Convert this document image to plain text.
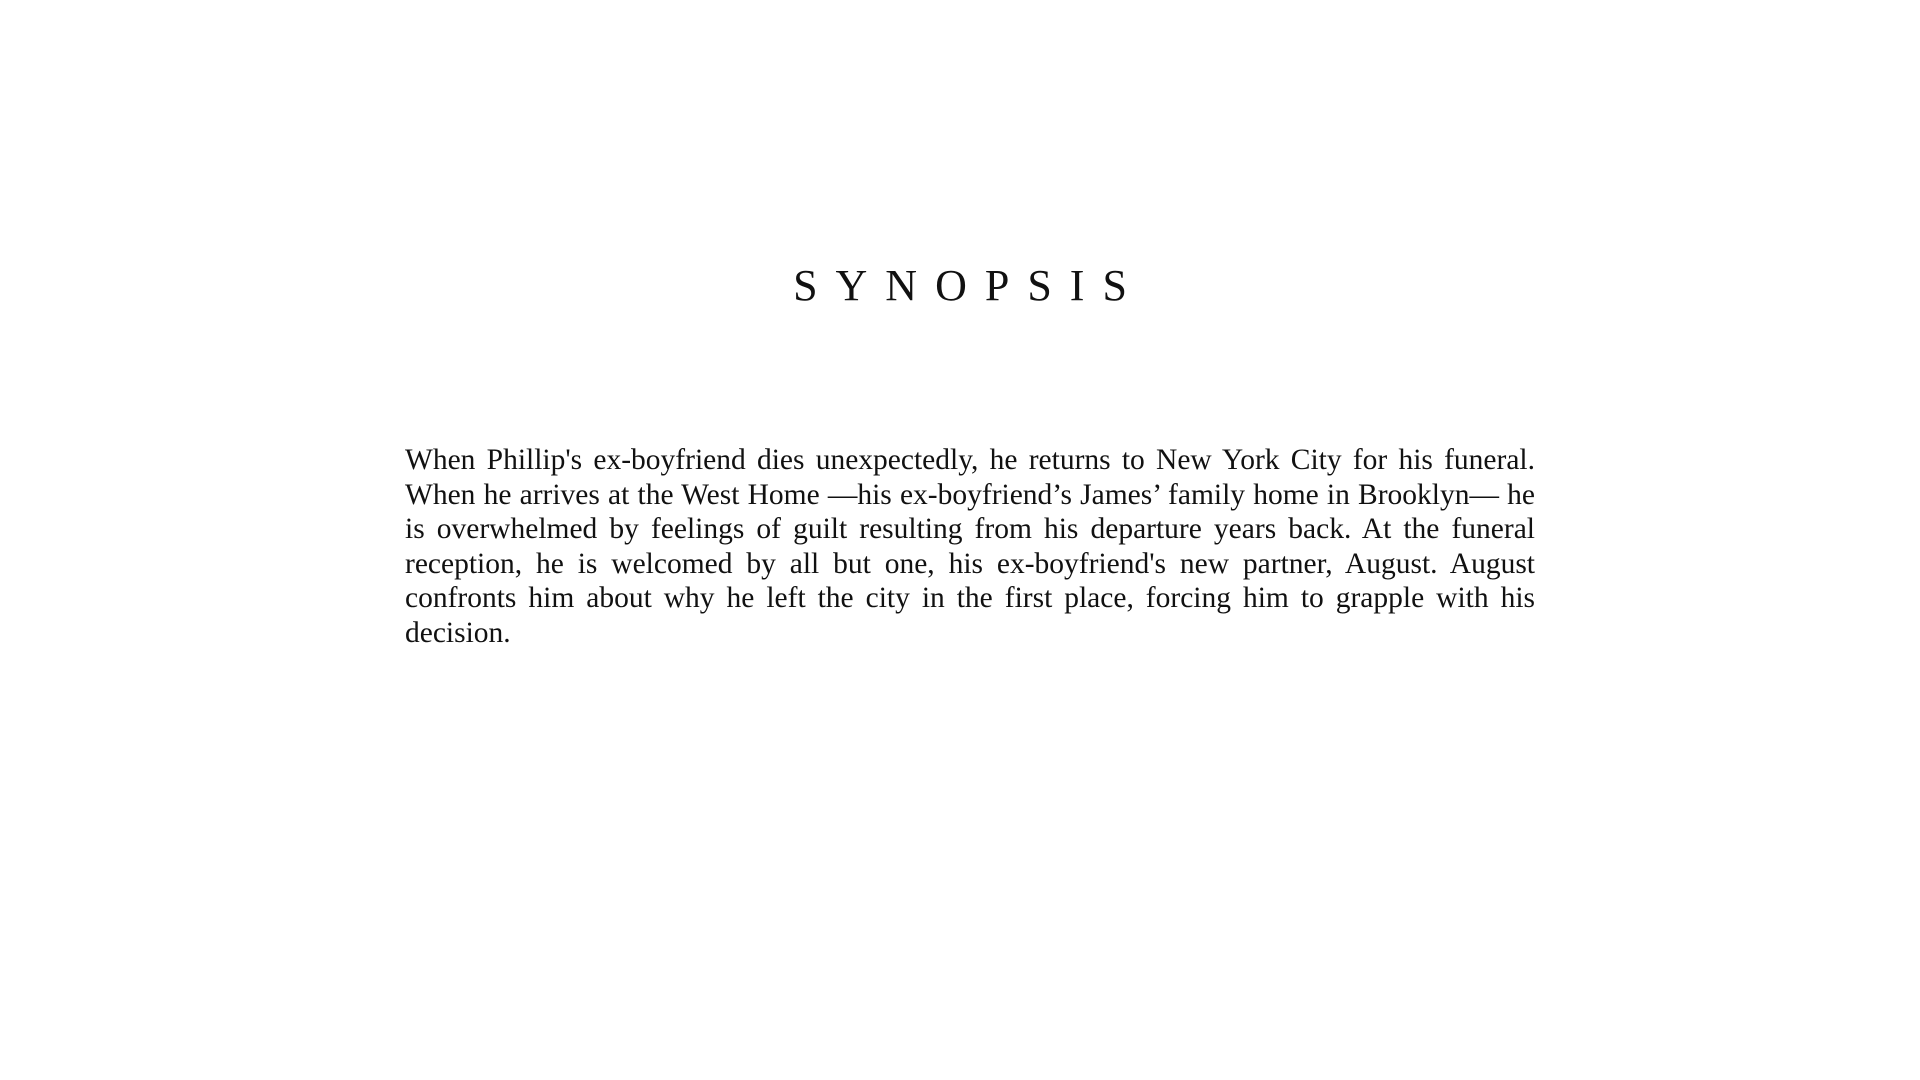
SYNOPSIS

When Phillip's ex-boyfriend dies unexpectedly, he returns to New York City for his funeral. When he arrives at the West Home —his ex-boyfriend’s James’ family home in Brooklyn— he is overwhelmed by feelings of guilt resulting from his departure years back. At the funeral reception, he is welcomed by all but one, his ex-boyfriend's new partner, August. August confronts him about why he left the city in the first place, forcing him to grapple with his decision.
